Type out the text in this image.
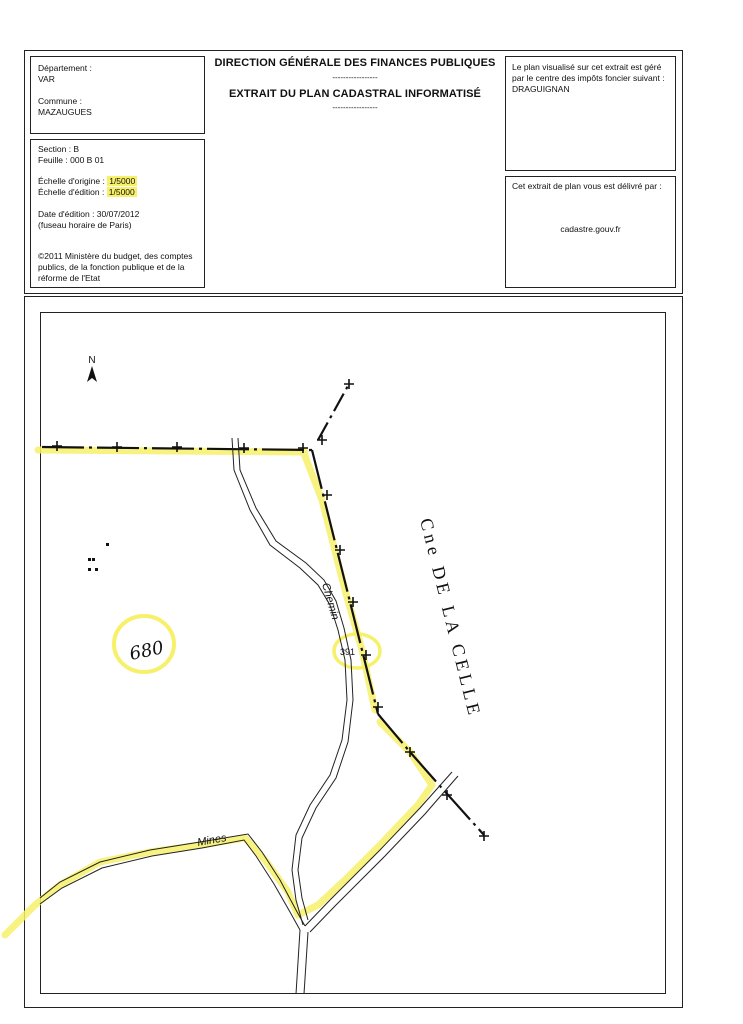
Département :
VAR
Commune :
MAZAUGUES
DIRECTION GÉNÉRALE DES FINANCES PUBLIQUES
-----------------
EXTRAIT DU PLAN CADASTRAL INFORMATISÉ
-----------------
Section : B
Feuille : 000 B 01
Échelle d'origine : 1/5000
Échelle d'édition : 1/5000
Date d'édition : 30/07/2012
(fuseau horaire de Paris)
©2011 Ministère du budget, des comptes
publics, de la fonction publique et de la
réforme de l'Etat
Le plan visualisé sur cet extrait est géré
par le centre des impôts foncier suivant :
DRAGUIGNAN
Cet extrait de plan vous est délivré par :
cadastre.gouv.fr
N
Cne DE LA CELLE
Chemin
Mines
391
680
